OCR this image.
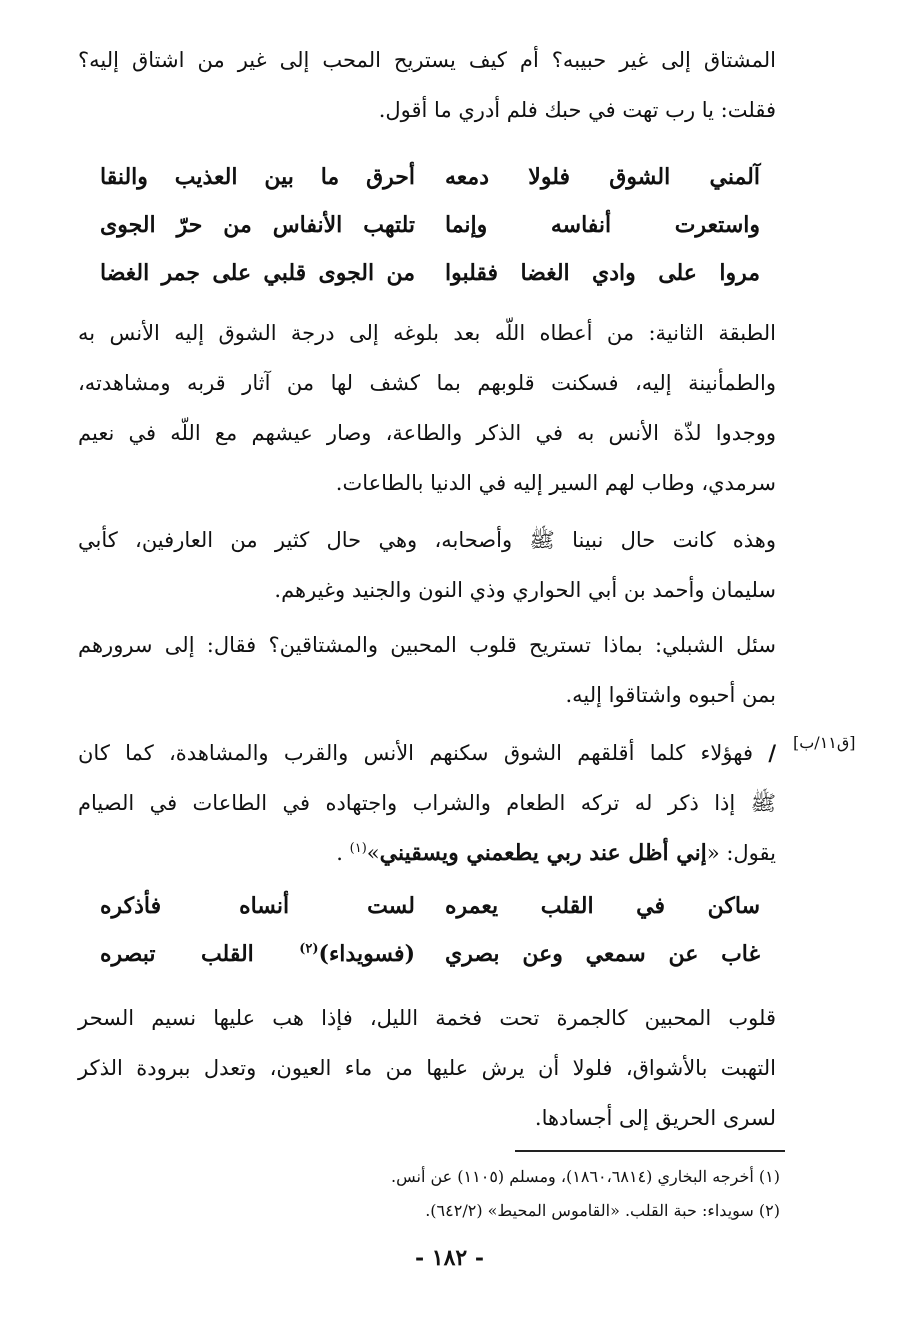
المشتاق إلى غير حبيبه؟ أم كيف يستريح المحب إلى غير من اشتاق إليه؟
فقلت: يا رب تهت في حبك فلم أدري ما أقول.
آلمني الشوق فلولا دمعه
أحرق ما بين العذيب والنقا
واستعرت أنفاسه وإنما
تلتهب الأنفاس من حرّ الجوى
مروا على وادي الغضا فقلبوا
من الجوى قلبي على جمر الغضا
الطبقة الثانية: من أعطاه اللّه بعد بلوغه إلى درجة الشوق إليه الأنس به
والطمأنينة إليه، فسكنت قلوبهم بما كشف لها من آثار قربه ومشاهدته،
ووجدوا لذّة الأنس به في الذكر والطاعة، وصار عيشهم مع اللّه في نعيم
سرمدي، وطاب لهم السير إليه في الدنيا بالطاعات.
وهذه كانت حال نبينا ﷺ وأصحابه، وهي حال كثير من العارفين، كأبي
سليمان وأحمد بن أبي الحواري وذي النون والجنيد وغيرهم.
سئل الشبلي: بماذا تستريح قلوب المحبين والمشتاقين؟ فقال: إلى سرورهم
بمن أحبوه واشتاقوا إليه.
[ق١١/ب]
/ فهؤلاء كلما أقلقهم الشوق سكنهم الأنس والقرب والمشاهدة، كما كان
ﷺ إذا ذكر له تركه الطعام والشراب واجتهاده في الطاعات في الصيام
يقول: «إني أظل عند ربي يطعمني ويسقيني»$^{(١)}$ .
ساكن في القلب يعمره
لست أنساه فأذكره
غاب عن سمعي وعن بصري
(فسويداء)$^{(٢)}$ القلب تبصره
قلوب المحبين كالجمرة تحت فخمة الليل، فإذا هب عليها نسيم السحر
التهبت بالأشواق، فلولا أن يرش عليها من ماء العيون، وتعدل ببرودة الذكر
لسرى الحريق إلى أجسادها.
(١) أخرجه البخاري (١٨٦٠،٦٨١٤)، ومسلم (١١٠٥) عن أنس.
(٢) سويداء: حبة القلب. «القاموس المحيط» (٦٤٢/٢).
- ١٨٢ -
